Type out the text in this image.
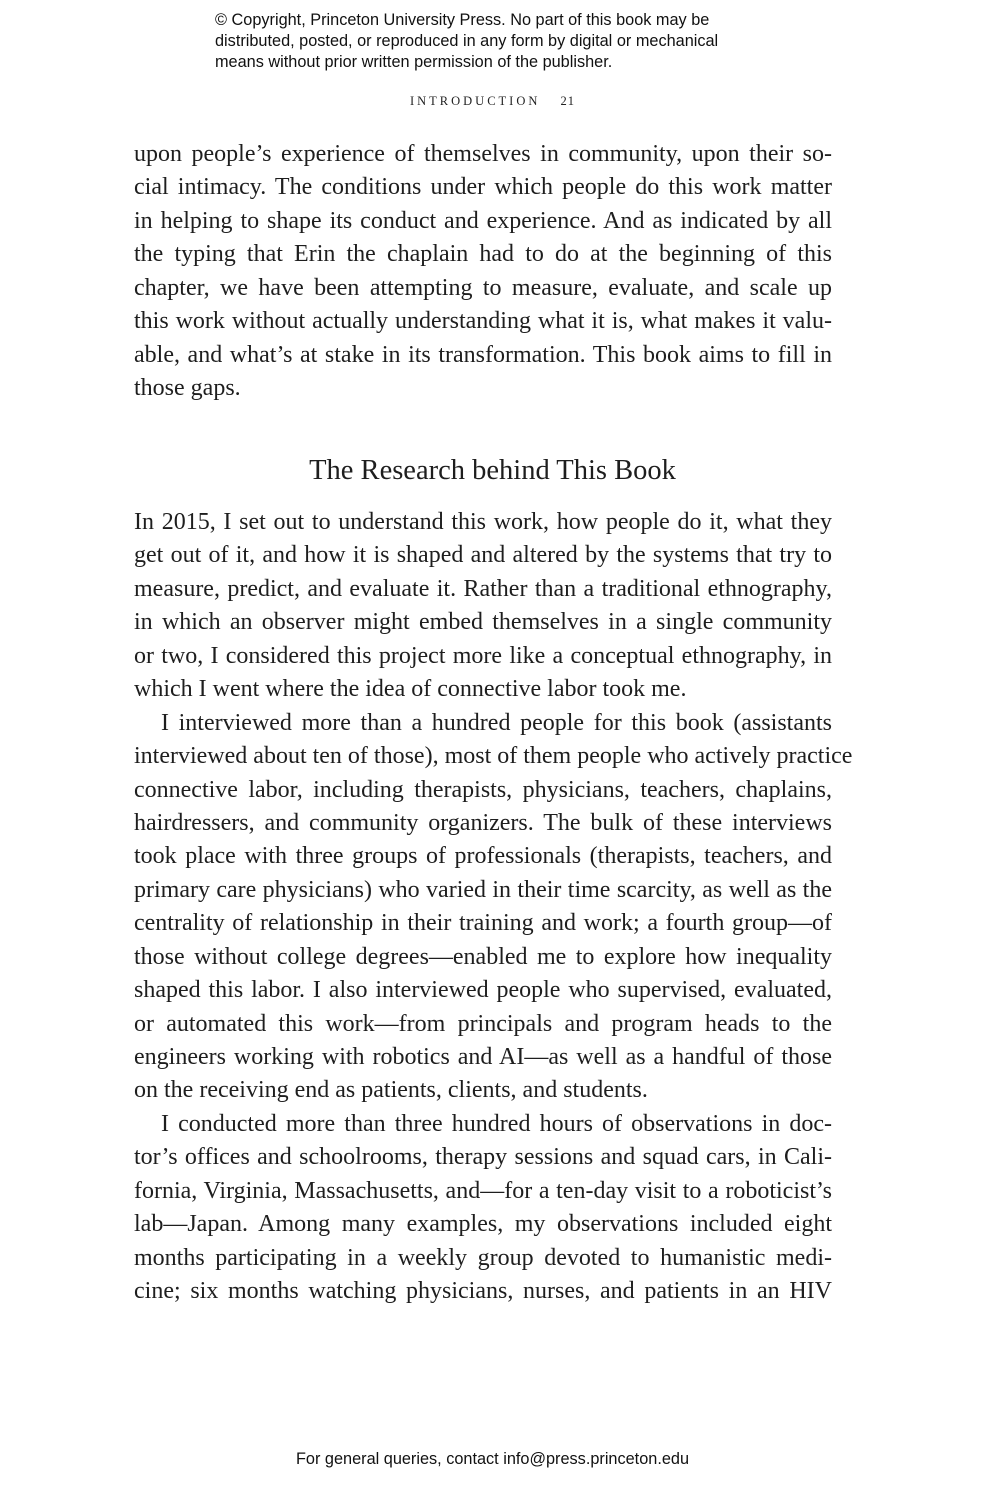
© Copyright, Princeton University Press. No part of this book may be
distributed, posted, or reproduced in any form by digital or mechanical
means without prior written permission of the publisher.
INTRODUCTION 21
upon people’s experience of themselves in community, upon their so-
cial intimacy. The conditions under which people do this work matter
in helping to shape its conduct and experience. And as indicated by all
the typing that Erin the chaplain had to do at the beginning of this
chapter, we have been attempting to measure, evaluate, and scale up
this work without actually understanding what it is, what makes it valu-
able, and what’s at stake in its transformation. This book aims to fill in
those gaps.
The Research behind This Book
In 2015, I set out to understand this work, how people do it, what they
get out of it, and how it is shaped and altered by the systems that try to
measure, predict, and evaluate it. Rather than a traditional ethnography,
in which an observer might embed themselves in a single community
or two, I considered this project more like a conceptual ethnography, in
which I went where the idea of connective labor took me.
I interviewed more than a hundred people for this book (assistants
interviewed about ten of those), most of them people who actively practice
connective labor, including therapists, physicians, teachers, chaplains,
hairdressers, and community organizers. The bulk of these interviews
took place with three groups of professionals (therapists, teachers, and
primary care physicians) who varied in their time scarcity, as well as the
centrality of relationship in their training and work; a fourth group—of
those without college degrees—enabled me to explore how inequality
shaped this labor. I also interviewed people who supervised, evaluated,
or automated this work—from principals and program heads to the
engineers working with robotics and AI—as well as a handful of those
on the receiving end as patients, clients, and students.
I conducted more than three hundred hours of observations in doc-
tor’s offices and schoolrooms, therapy sessions and squad cars, in Cali-
fornia, Virginia, Massachusetts, and—for a ten-day visit to a roboticist’s
lab—Japan. Among many examples, my observations included eight
months participating in a weekly group devoted to humanistic medi-
cine; six months watching physicians, nurses, and patients in an HIV
For general queries, contact info@press.princeton.edu
